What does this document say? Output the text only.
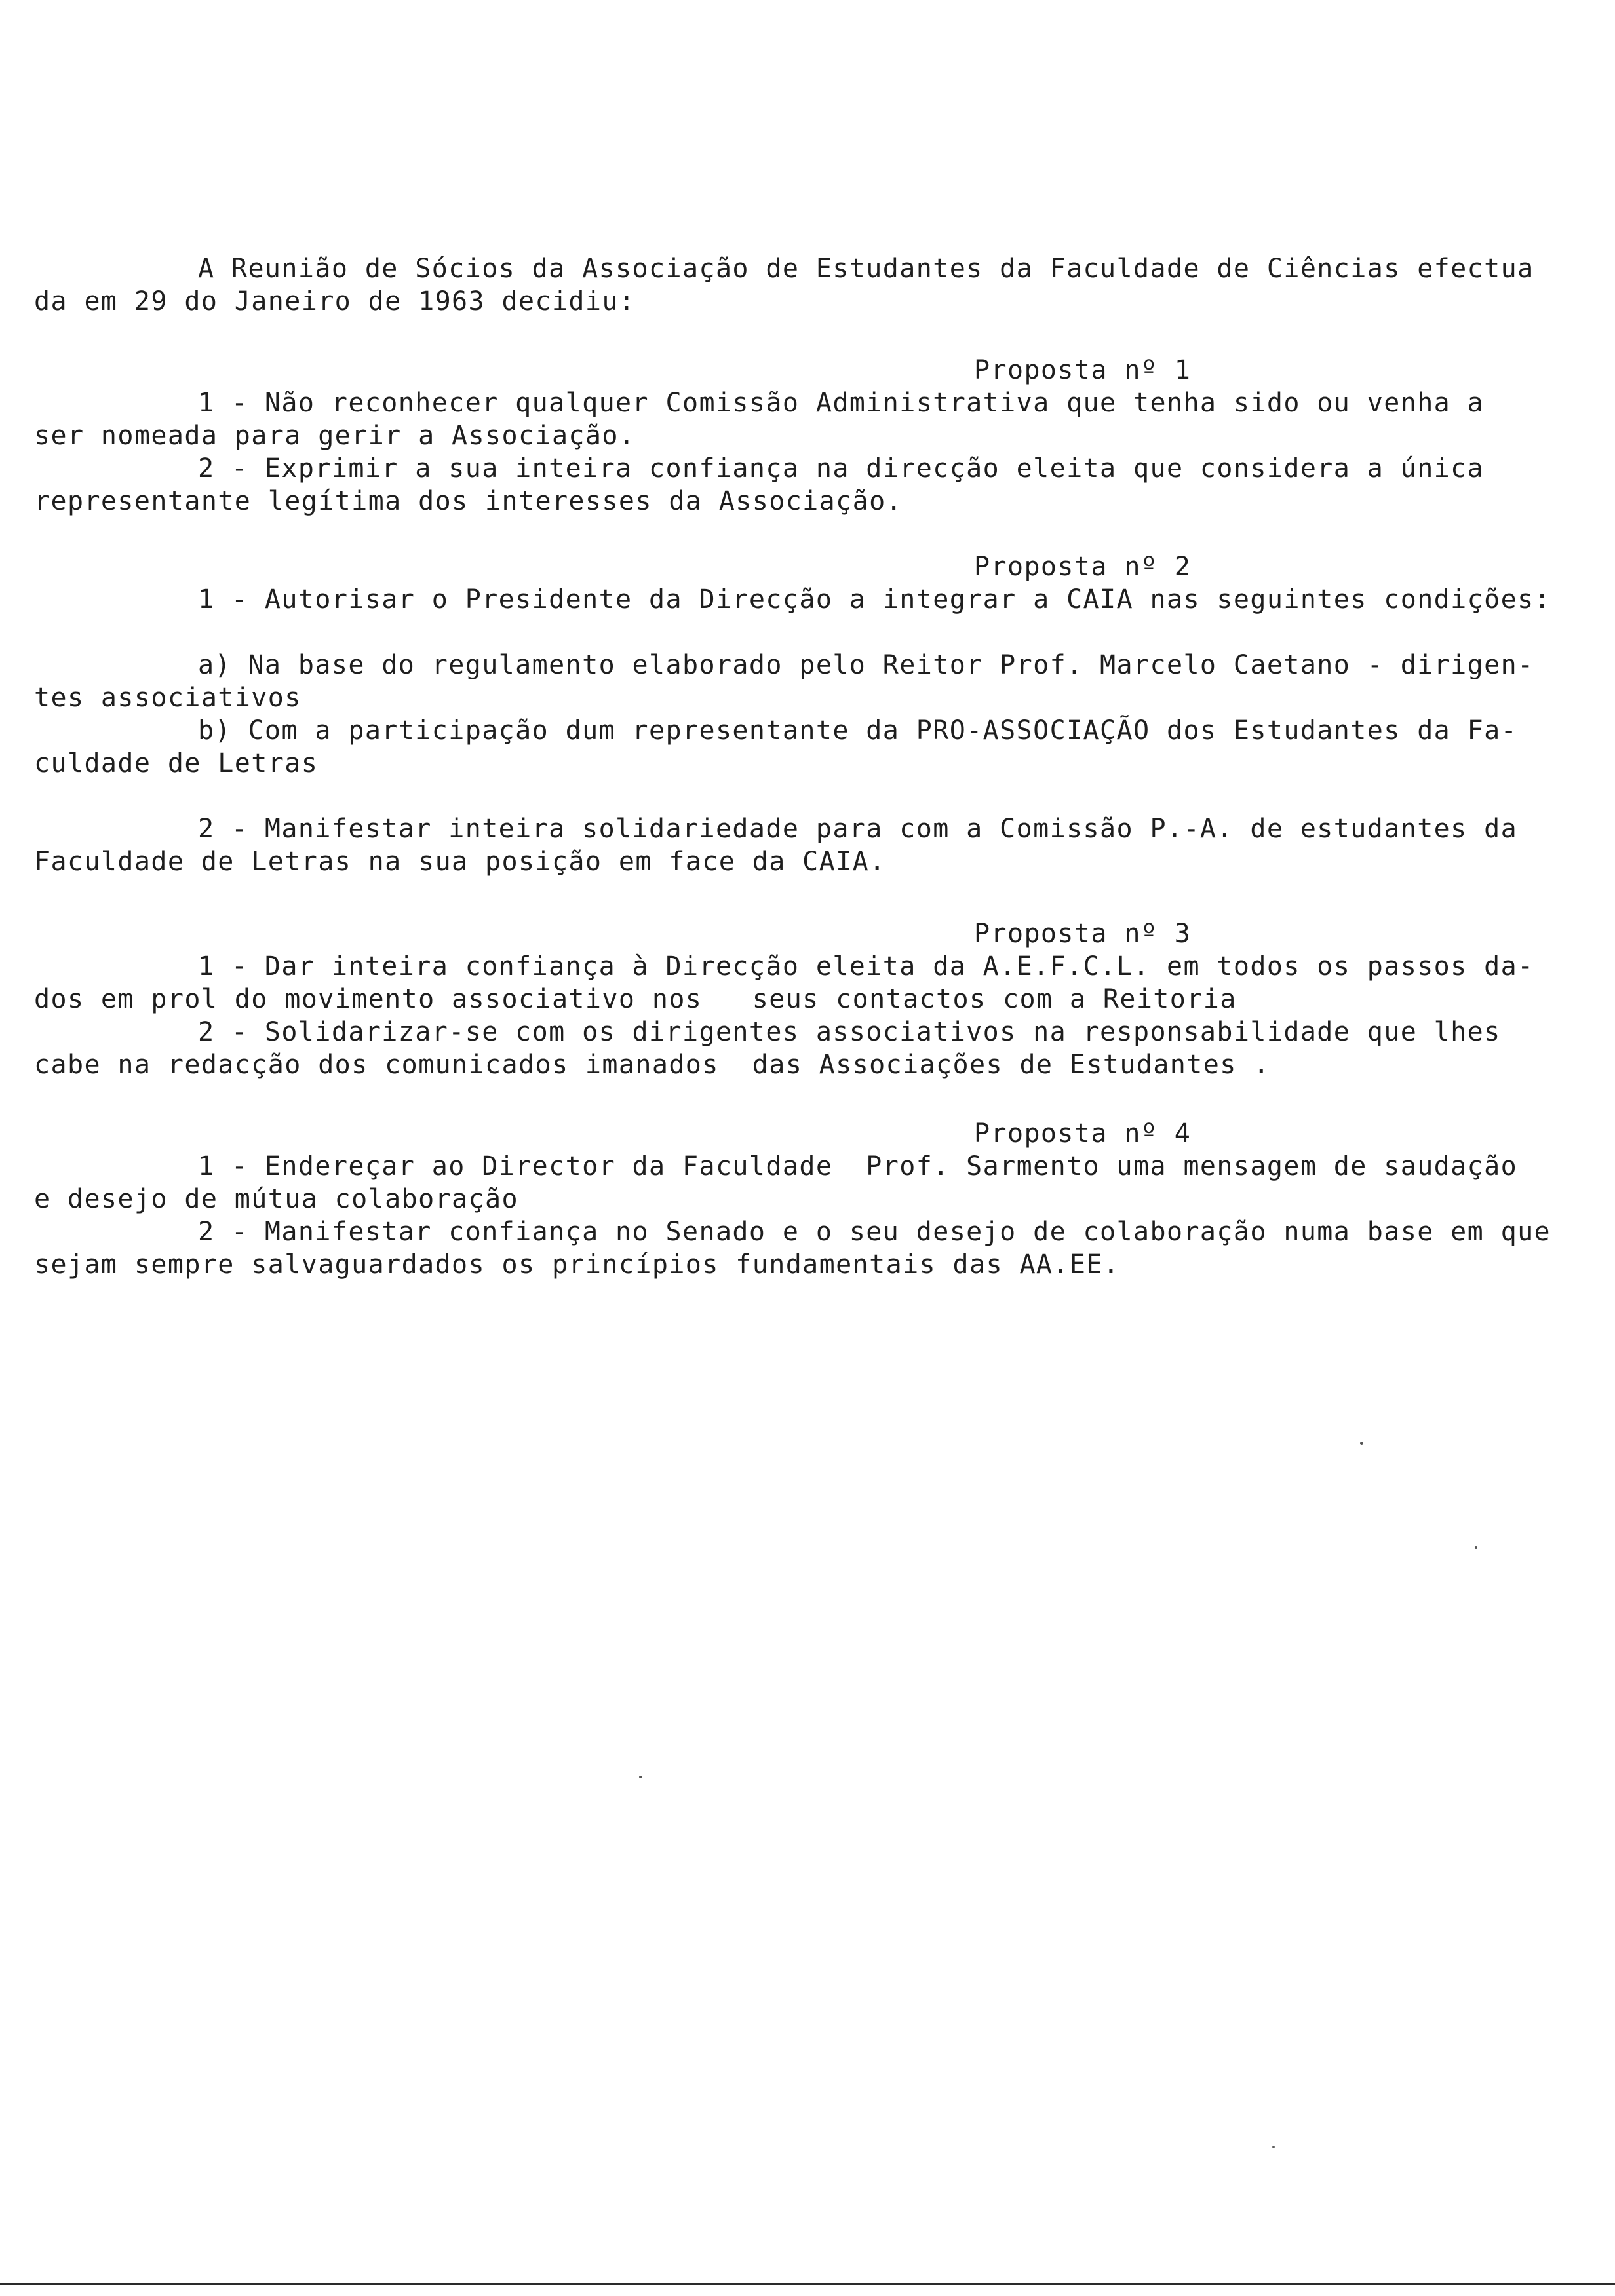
A Reunião de Sócios da Associação de Estudantes da Faculdade de Ciências efectua
da em 29 do Janeiro de 1963 decidiu:
Proposta nº 1
1 - Não reconhecer qualquer Comissão Administrativa que tenha sido ou venha a
ser nomeada para gerir a Associação.
2 - Exprimir a sua inteira confiança na direcção eleita que considera a única
representante legítima dos interesses da Associação.
Proposta nº 2
1 - Autorisar o Presidente da Direcção a integrar a CAIA nas seguintes condições:
a) Na base do regulamento elaborado pelo Reitor Prof. Marcelo Caetano - dirigen-
tes associativos
b) Com a participação dum representante da PRO-ASSOCIAÇÃO dos Estudantes da Fa-
culdade de Letras
2 - Manifestar inteira solidariedade para com a Comissão P.-A. de estudantes da
Faculdade de Letras na sua posição em face da CAIA.
Proposta nº 3
1 - Dar inteira confiança à Direcção eleita da A.E.F.C.L. em todos os passos da-
dos em prol do movimento associativo nos   seus contactos com a Reitoria
2 - Solidarizar-se com os dirigentes associativos na responsabilidade que lhes
cabe na redacção dos comunicados imanados  das Associações de Estudantes .
Proposta nº 4
1 - Endereçar ao Director da Faculdade  Prof. Sarmento uma mensagem de saudação
e desejo de mútua colaboração
2 - Manifestar confiança no Senado e o seu desejo de colaboração numa base em que
sejam sempre salvaguardados os princípios fundamentais das AA.EE.
